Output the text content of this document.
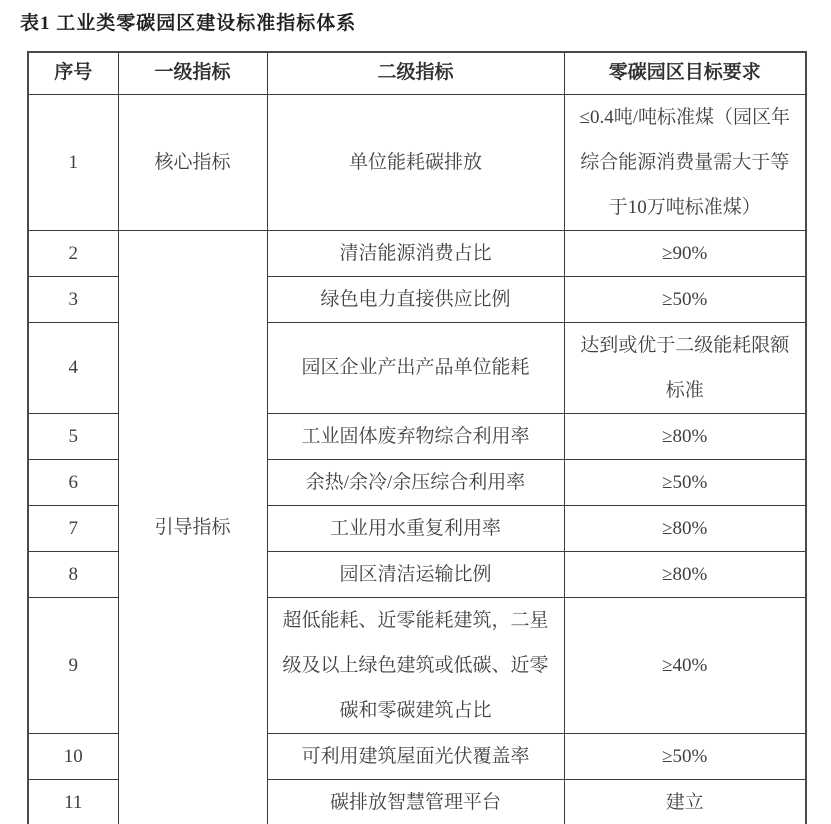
表1 工业类零碳园区建设标准指标体系
序号	一级指标	二级指标	零碳园区目标要求
1	核心指标	单位能耗碳排放	≤0.4吨/吨标准煤（园区年综合能源消费量需大于等于10万吨标准煤）
2	引导指标	清洁能源消费占比	≥90%
3		绿色电力直接供应比例	≥50%
4		园区企业产出产品单位能耗	达到或优于二级能耗限额标准
5		工业固体废弃物综合利用率	≥80%
6		余热/余冷/余压综合利用率	≥50%
7		工业用水重复利用率	≥80%
8		园区清洁运输比例	≥80%
9		超低能耗、近零能耗建筑，二星级及以上绿色建筑或低碳、近零碳和零碳建筑占比	≥40%
10		可利用建筑屋面光伏覆盖率	≥50%
11		碳排放智慧管理平台	建立
